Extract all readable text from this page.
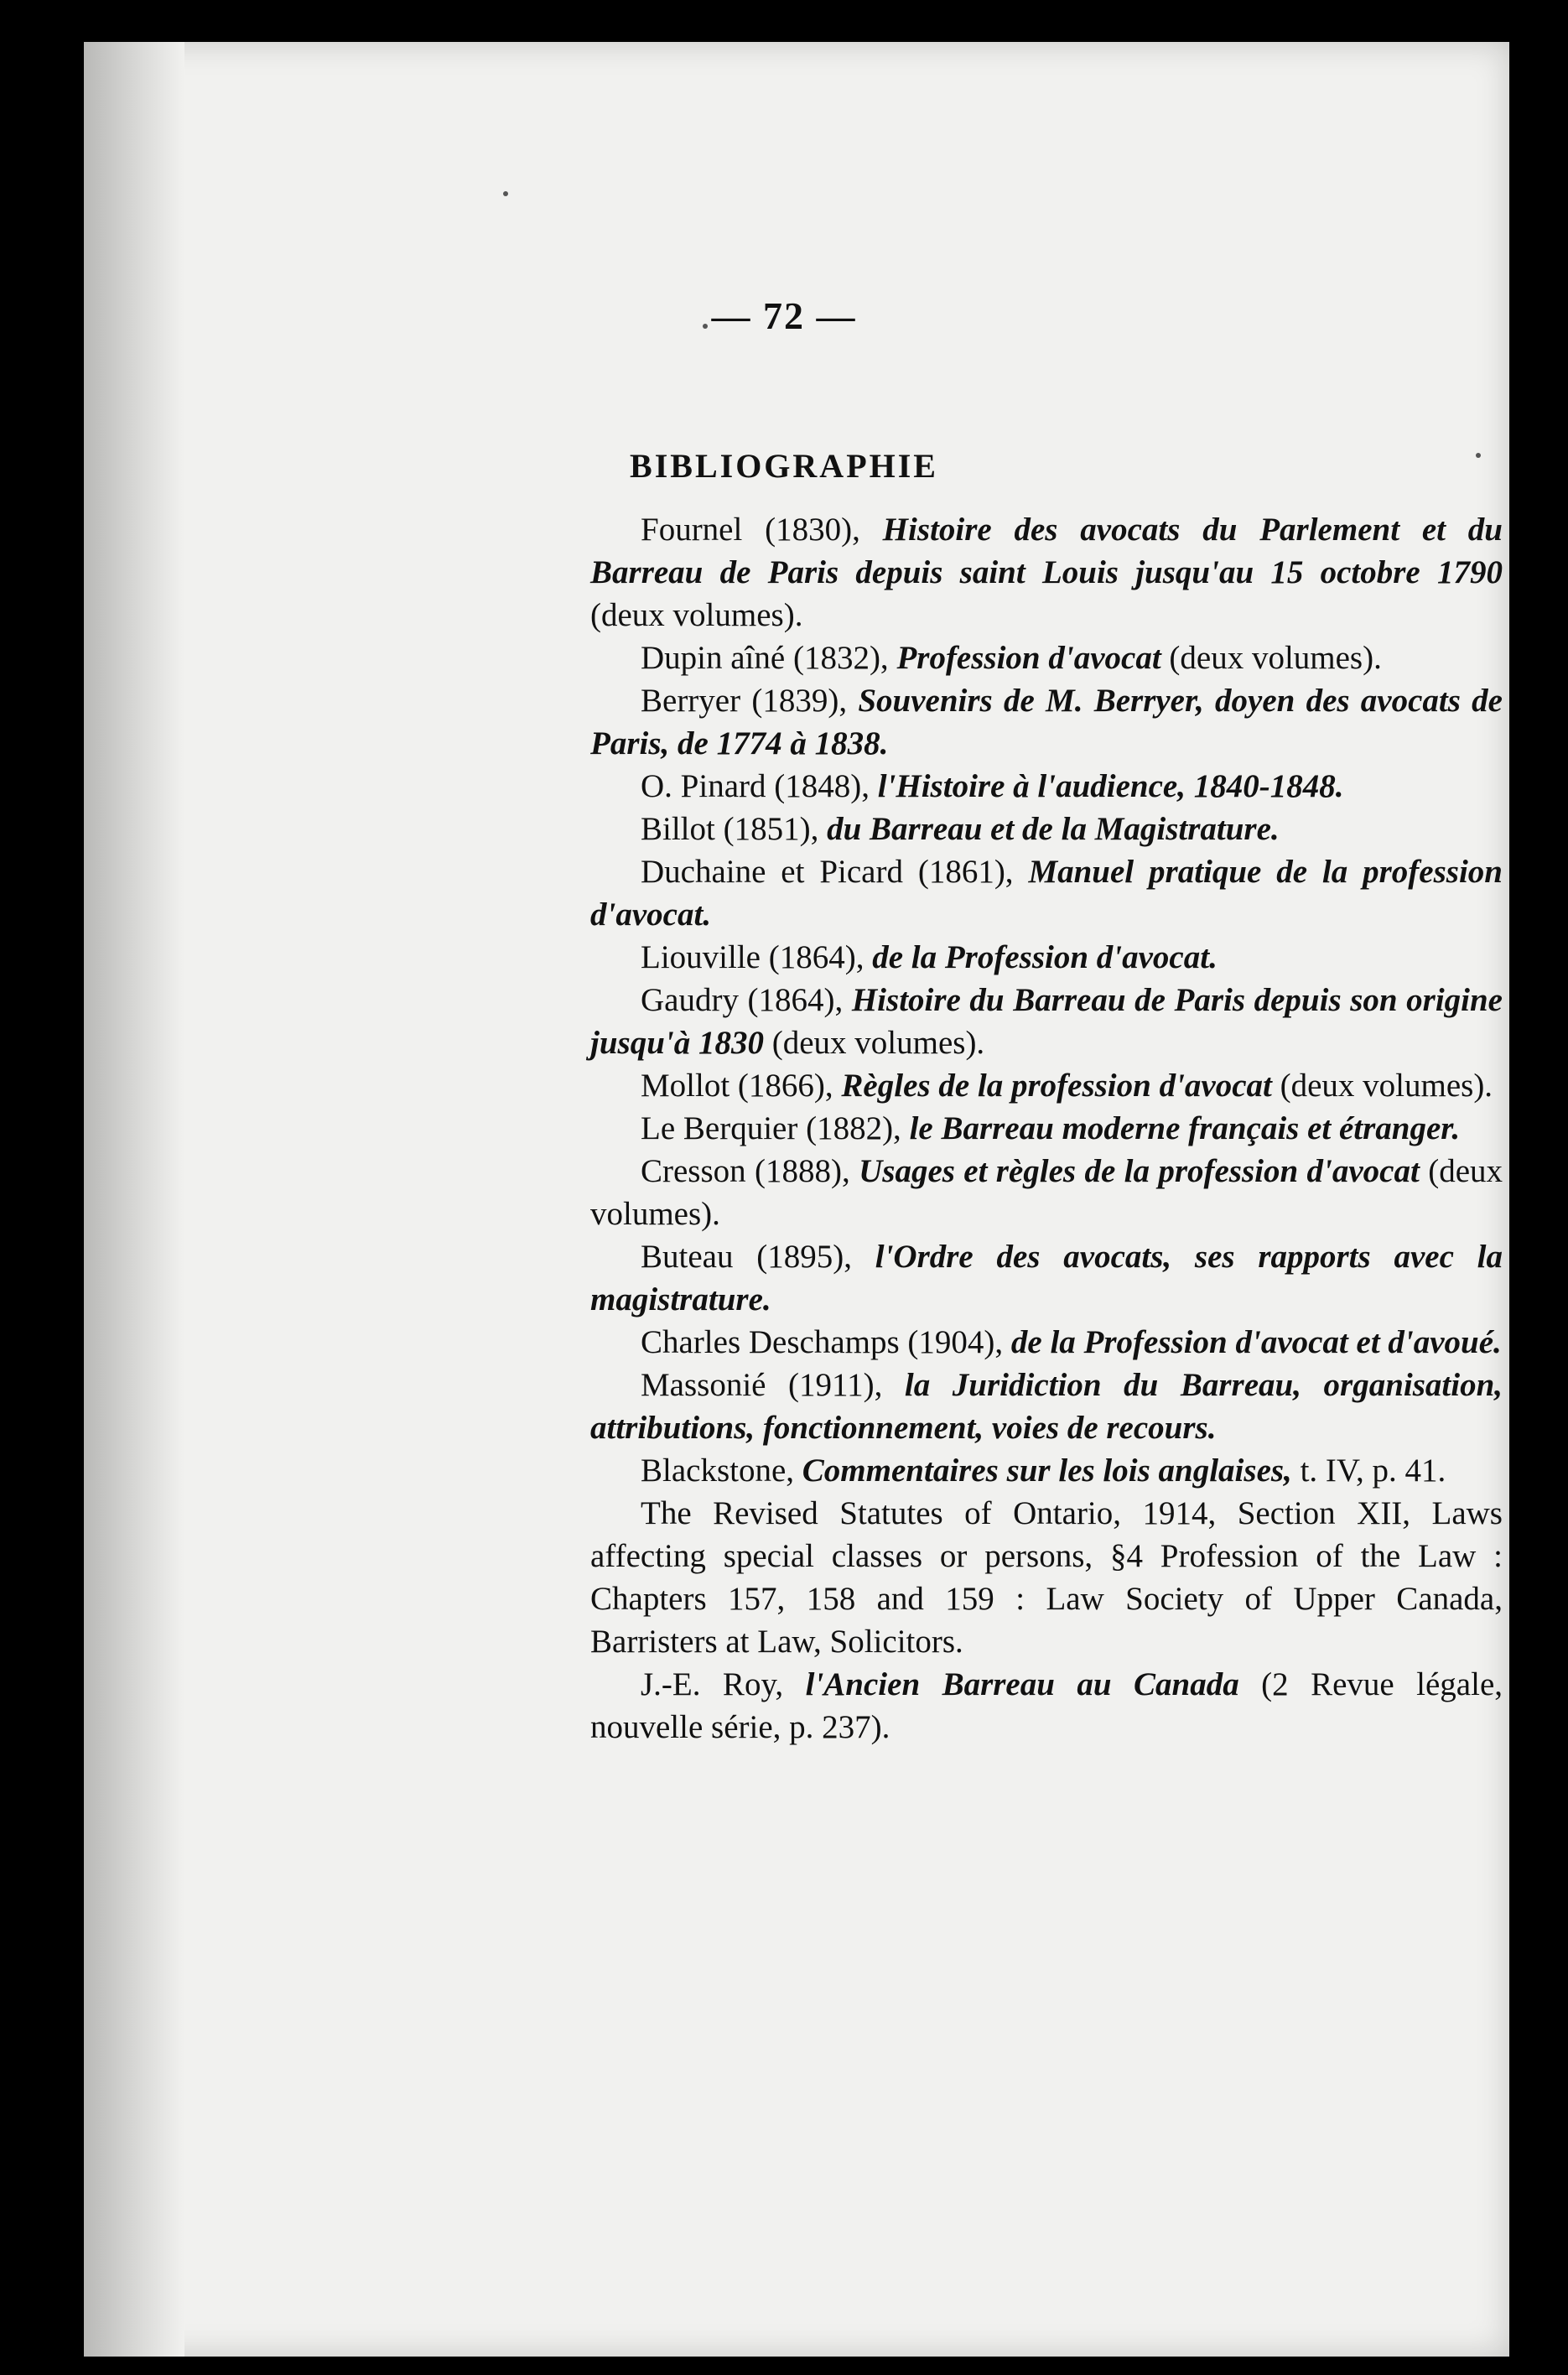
— 72 —
BIBLIOGRAPHIE

Fournel (1830), Histoire des avocats du Parlement et du Barreau de Paris depuis saint Louis jusqu'au 15 octobre 1790 (deux volumes).

Dupin aîné (1832), Profession d'avocat (deux volumes).

Berryer (1839), Souvenirs de M. Berryer, doyen des avocats de Paris, de 1774 à 1838.

O. Pinard (1848), l'Histoire à l'audience, 1840-1848.

Billot (1851), du Barreau et de la Magistrature.

Duchaine et Picard (1861), Manuel pratique de la profession d'avocat.

Liouville (1864), de la Profession d'avocat.

Gaudry (1864), Histoire du Barreau de Paris depuis son origine jusqu'à 1830 (deux volumes).

Mollot (1866), Règles de la profession d'avocat (deux volumes).

Le Berquier (1882), le Barreau moderne français et étranger.

Cresson (1888), Usages et règles de la profession d'avocat (deux volumes).

Buteau (1895), l'Ordre des avocats, ses rapports avec la magistrature.

Charles Deschamps (1904), de la Profession d'avocat et d'avoué.

Massonié (1911), la Juridiction du Barreau, organisation, attributions, fonctionnement, voies de recours.

Blackstone, Commentaires sur les lois anglaises, t. IV, p. 41.

The Revised Statutes of Ontario, 1914, Section XII, Laws affecting special classes or persons, §4 Profession of the Law : Chapters 157, 158 and 159 : Law Society of Upper Canada, Barristers at Law, Solicitors.

J.-E. Roy, l'Ancien Barreau au Canada (2 Revue légale, nouvelle série, p. 237).
